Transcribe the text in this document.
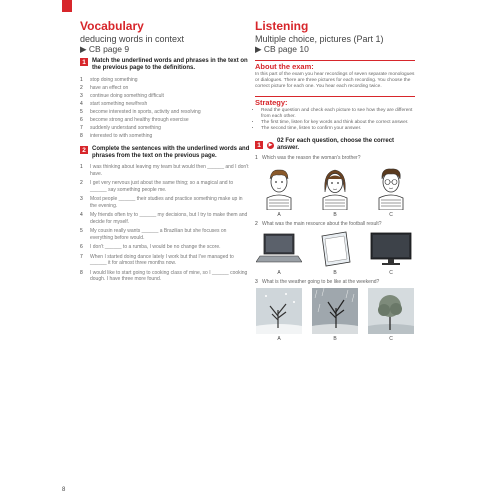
Vocabulary

deducing words in context

▶ CB page 9

1	Match the underlined words and phrases in the text on the previous page to the definitions.
1	stop doing something
2	have an effect on
3	continue doing something difficult
4	start something new/fresh
5	become interested in sports, activity and resolving
6	become strong and healthy through exercise
7	suddenly understand something
8	interested to with something
2	Complete the sentences with the underlined words and phrases from the text on the previous page.
1	I was thinking about leaving my team but would then ______ and I don't have.
2	I get very nervous just about the same thing; so a magical and to ______ say something people me.
3	Most people ______ their studies and practice something make up in the evening.
4	My friends often try to ______ my decisions, but I try to make them and decide for myself.
5	My cousin really wants ______ a Brazilian but she focuses on everything before would.
6	I don't ______ to a rumba, I would be no change the score.
7	When I started doing dance lately I work but that I've managed to ______ it for almost three months now.
8	I would like to start going to cooking class of mine, so I ______ cooking dough. I have three more found.

Listening

Multiple choice, pictures (Part 1)

▶ CB page 10

About the exam:
In this part of the exam you hear recordings of seven separate monologues or dialogues. There are three pictures for each recording. You choose the correct picture for each one. You hear each recording twice.
Strategy:
• Read the question and check each picture to see how they are different from each other.
• The first time, listen for key words and think about the correct answer.
• The second time, listen to confirm your answer.
1	▶
02 For each question, choose the correct answer.
1 Which was the reason the woman's brother?
A	B	C
2 What was the main resource about the football result?
A	B	C
3 What is the weather going to be like at the weekend?
A	B	C
8
